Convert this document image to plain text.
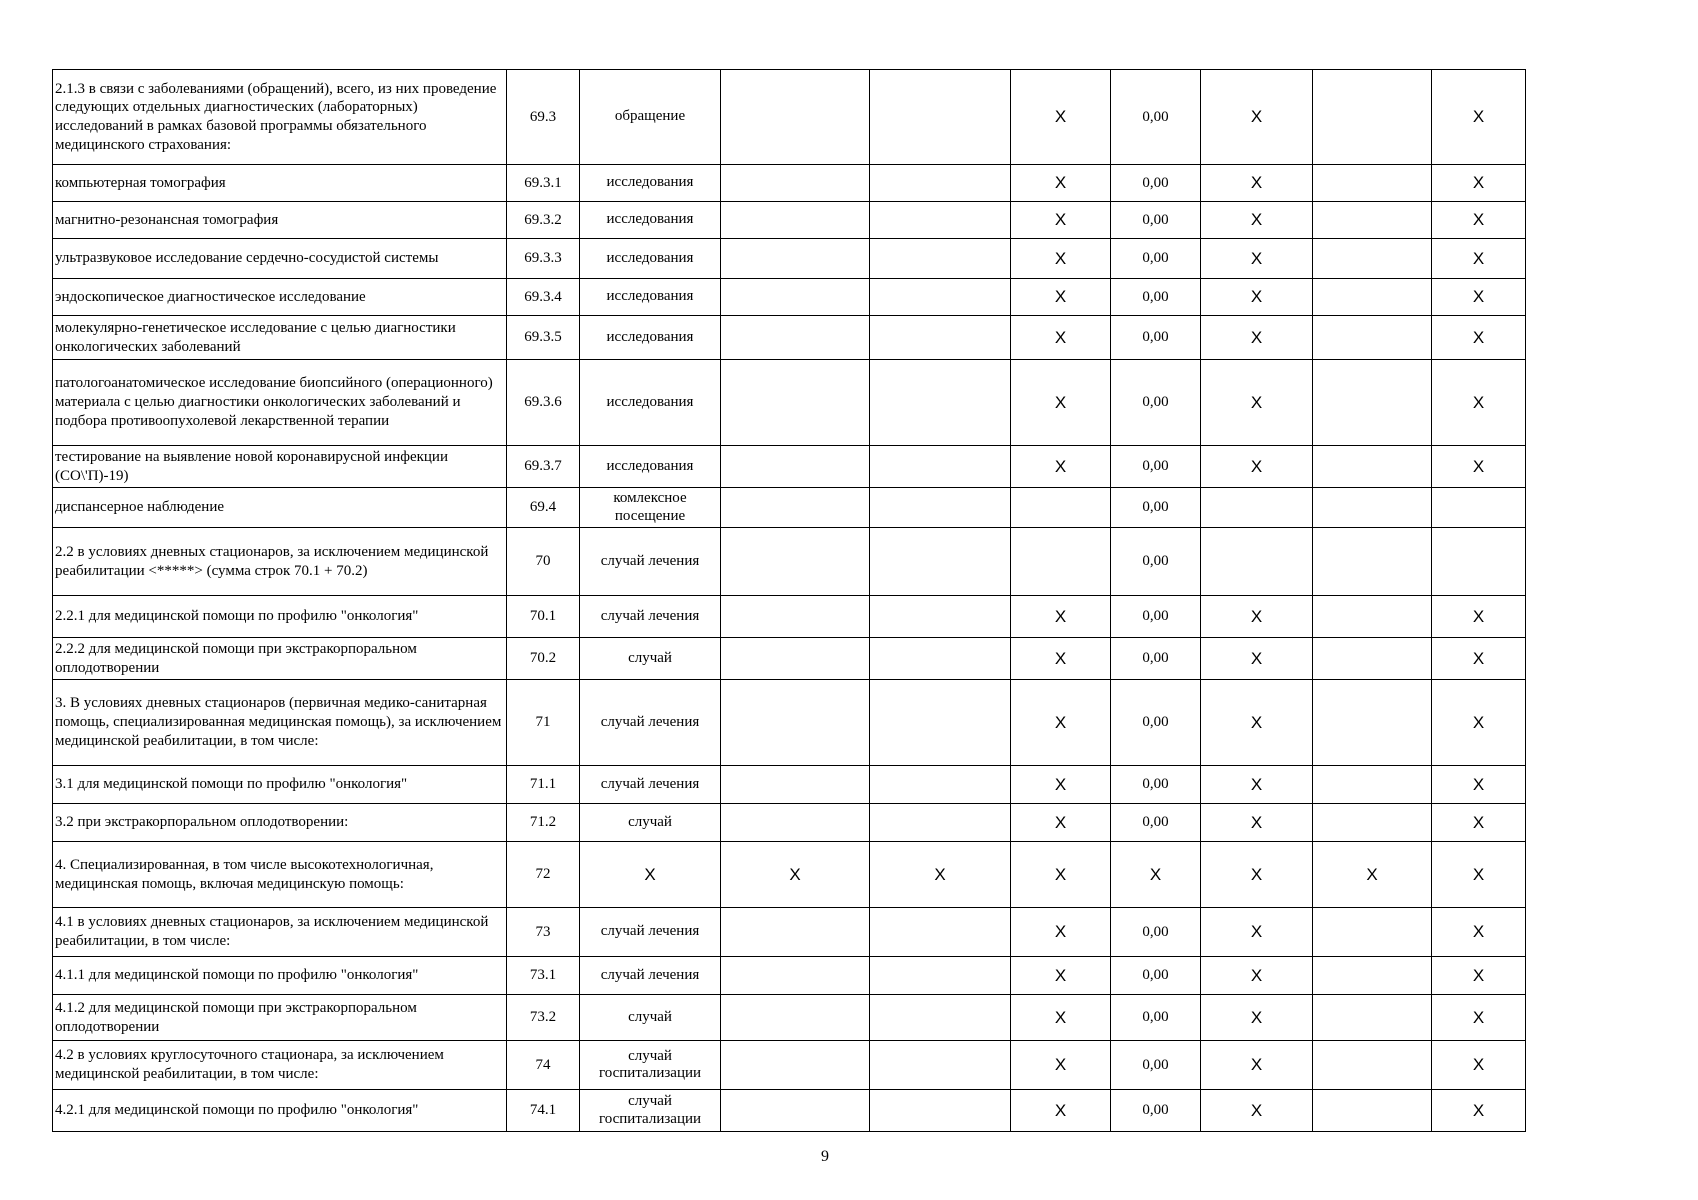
2.1.3 в связи с заболеваниями (обращений), всего, из них проведение следующих отдельных диагностических (лабораторных) исследований в рамках базовой программы обязательного медицинского страхования:	69.3	обращение			X	0,00	X		X
компьютерная томография	69.3.1	исследования			X	0,00	X		X
магнитно-резонансная томография	69.3.2	исследования			X	0,00	X		X
ультразвуковое исследование сердечно-сосудистой системы	69.3.3	исследования			X	0,00	X		X
эндоскопическое диагностическое исследование	69.3.4	исследования			X	0,00	X		X
молекулярно-генетическое исследование с целью диагностики онкологических заболеваний	69.3.5	исследования			X	0,00	X		X
патологоанатомическое исследование биопсийного (операционного) материала с целью диагностики онкологических заболеваний и подбора противоопухолевой лекарственной терапии	69.3.6	исследования			X	0,00	X		X
тестирование на выявление новой коронавирусной инфекции (CO\'П)-19)	69.3.7	исследования			X	0,00	X		X
диспансерное наблюдение	69.4	комлексное посещение				0,00			
2.2 в условиях дневных стационаров, за исключением медицинской реабилитации <*****> (сумма строк 70.1 + 70.2)	70	случай лечения				0,00			
2.2.1 для медицинской помощи по профилю "онкология"	70.1	случай лечения			X	0,00	X		X
2.2.2 для медицинской помощи при экстракорпоральном оплодотворении	70.2	случай			X	0,00	X		X
3. В условиях дневных стационаров (первичная медико-санитарная помощь, специализированная медицинская помощь), за исключением медицинской реабилитации, в том числе:	71	случай лечения			X	0,00	X		X
3.1 для медицинской помощи по профилю "онкология"	71.1	случай лечения			X	0,00	X		X
3.2 при экстракорпоральном оплодотворении:	71.2	случай			X	0,00	X		X
4. Специализированная, в том числе высокотехнологичная, медицинская помощь, включая медицинскую помощь:	72	X	X	X	X	X	X	X	X
4.1 в условиях дневных стационаров, за исключением медицинской реабилитации, в том числе:	73	случай лечения			X	0,00	X		X
4.1.1 для медицинской помощи по профилю "онкология"	73.1	случай лечения			X	0,00	X		X
4.1.2 для медицинской помощи при экстракорпоральном оплодотворении	73.2	случай			X	0,00	X		X
4.2 в условиях круглосуточного стационара, за исключением медицинской реабилитации, в том числе:	74	случай госпитализации			X	0,00	X		X
4.2.1 для медицинской помощи по профилю "онкология"	74.1	случай госпитализации			X	0,00	X		X
9
